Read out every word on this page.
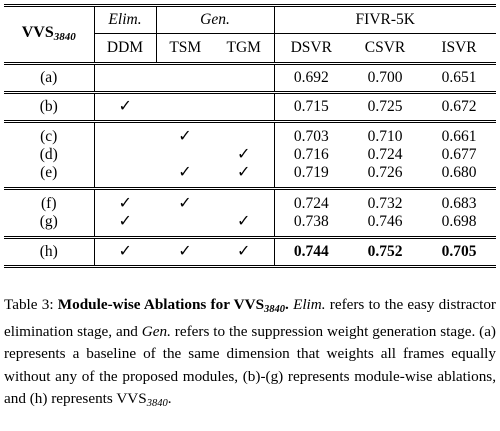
$VVS_{3840}$	Elim.	Gen.		FIVR-5K		
	DDM	TSM	TGM	DSVR	CSVR	ISVR
(a)				0.692	0.700	0.651
(b)	✓			0.715	0.725	0.672
(c)		✓		0.703	0.710	0.661
(d)			✓	0.716	0.724	0.677
(e)		✓	✓	0.719	0.726	0.680
(f)	✓	✓		0.724	0.732	0.683
(g)	✓		✓	0.738	0.746	0.698
(h)	✓	✓	✓	0.744	0.752	0.705
Table 3: Module-wise Ablations for $VVS_{3840}$. Elim. refers to the easy distractor elimination stage, and Gen. refers to the suppression weight generation stage. (a) represents a baseline of the same dimension that weights all frames equally without any of the proposed modules, (b)-(g) represents module-wise ablations, and (h) represents $VVS_{3840}$.
